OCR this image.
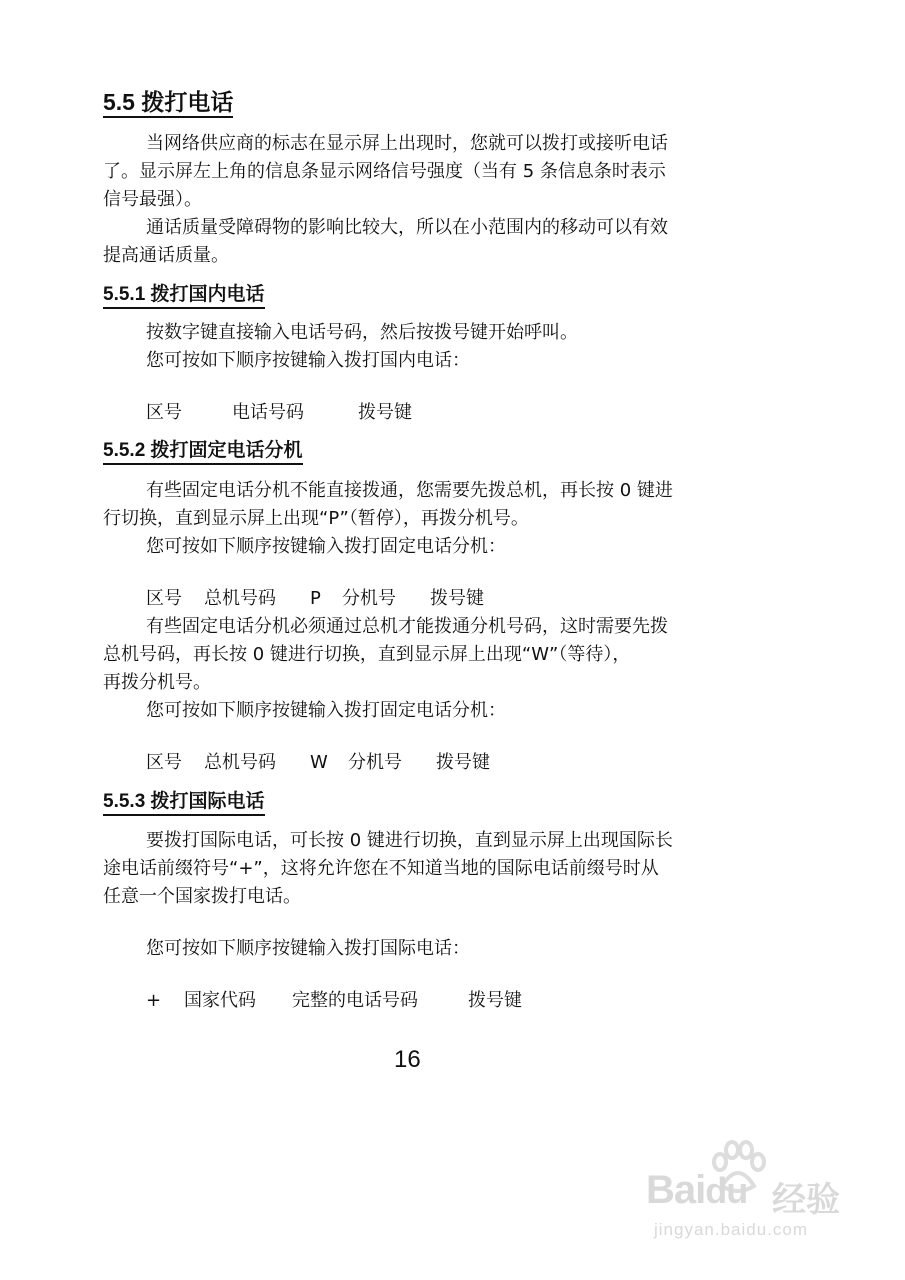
5.5 拨打电话
当网络供应商的标志在显示屏上出现时，您就可以拨打或接听电话
了。显示屏左上角的信息条显示网络信号强度（当有 5 条信息条时表示
信号最强）。
通话质量受障碍物的影响比较大，所以在小范围内的移动可以有效
提高通话质量。
5.5.1 拨打国内电话
按数字键直接输入电话号码，然后按拨号键开始呼叫。
您可按如下顺序按键输入拨打国内电话：
区号	电话号码	拨号键
5.5.2 拨打固定电话分机
有些固定电话分机不能直接拨通，您需要先拨总机，再长按 0 键进
行切换，直到显示屏上出现“P”（暂停），再拨分机号。
您可按如下顺序按键输入拨打固定电话分机：
区号 总机号码 P 分机号 拨号键
有些固定电话分机必须通过总机才能拨通分机号码，这时需要先拨
总机号码，再长按 0 键进行切换，直到显示屏上出现“W”（等待），
再拨分机号。
您可按如下顺序按键输入拨打固定电话分机：
区号 总机号码 W 分机号 拨号键
5.5.3 拨打国际电话
要拨打国际电话，可长按 0 键进行切换，直到显示屏上出现国际长
途电话前缀符号“+”，这将允许您在不知道当地的国际电话前缀号时从
任意一个国家拨打电话。
您可按如下顺序按键输入拨打国际电话：
+ 国家代码 完整的电话号码	拨号键
16
Baidu 经验
jingyan.baidu.com
